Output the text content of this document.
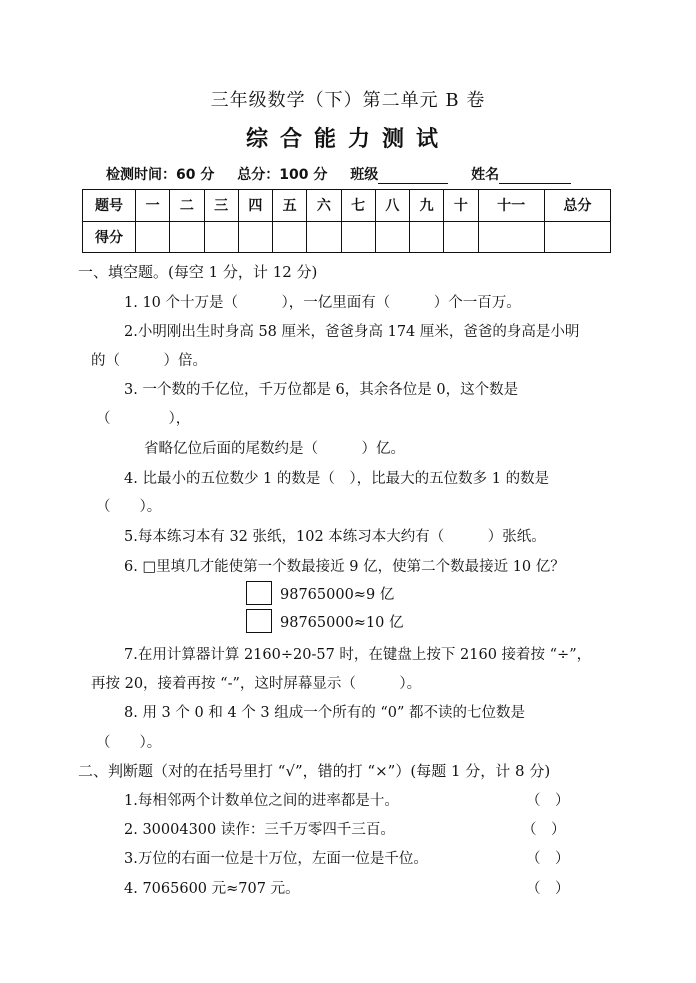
三年级数学（下）第二单元 B 卷
综合能力测试
检测时间：60 分 总分：100 分 班级	姓名
题号	一	二	三	四	五	六	七	八	九	十	十一	总分
得分												
一、填空题。(每空 1 分，计 12 分)
1. 10 个十万是（　　　），一亿里面有（　　　）个一百万。
2.小明刚出生时身高 58 厘米，爸爸身高 174 厘米，爸爸的身高是小明
的（　　　）倍。
3. 一个数的千亿位，千万位都是 6，其余各位是 0，这个数是
（　　　　），
省略亿位后面的尾数约是（　　　）亿。
4. 比最小的五位数少 1 的数是（　），比最大的五位数多 1 的数是
（　　）。
5.每本练习本有 32 张纸，102 本练习本大约有（　　　）张纸。
6. □里填几才能使第一个数最接近 9 亿，使第二个数最接近 10 亿？
98765000≈9 亿
98765000≈10 亿
7.在用计算器计算 2160÷20-57 时，在键盘上按下 2160 接着按 “÷”，
再按 20，接着再按 “-”，这时屏幕显示（　　　）。
8. 用 3 个 0 和 4 个 3 组成一个所有的 “0” 都不读的七位数是
（　　）。
二、判断题（对的在括号里打 “√”，错的打 “×”）(每题 1 分，计 8 分)
1.每相邻两个计数单位之间的进率都是十。	（　）
2. 30004300 读作：三千万零四千三百。	（　）
3.万位的右面一位是十万位，左面一位是千位。	（　）
4. 7065600 元≈707 元。	（　）
